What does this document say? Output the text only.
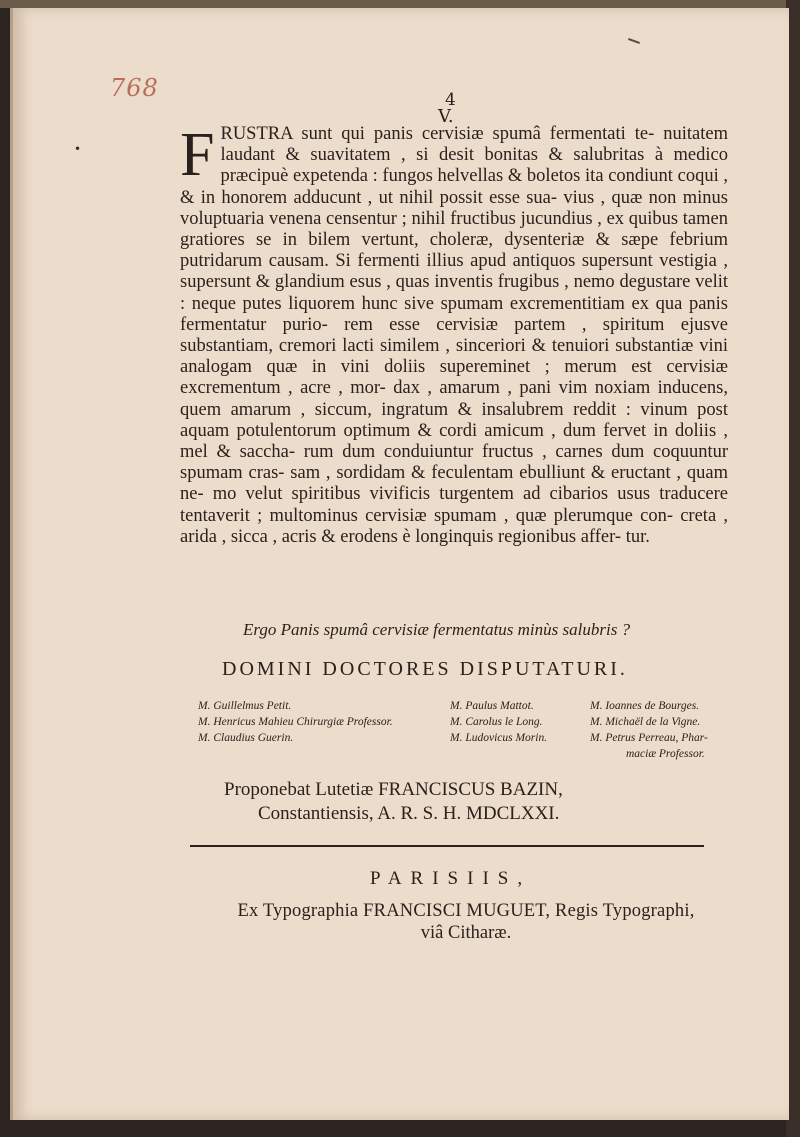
768
•
4
V.
F RUSTRA sunt qui panis cervisiæ spumâ fermentati te- nuitatem laudant & suavitatem , si desit bonitas & salubritas à medico præcipuè expetenda : fungos helvellas & boletos ita condiunt coqui , & in honorem adducunt , ut nihil possit esse sua- vius , quæ non minus voluptuaria venena censentur ; nihil fructibus jucundius , ex quibus tamen gratiores se in bilem vertunt, choleræ, dysenteriæ & sæpe febrium putridarum causam. Si fermenti illius apud antiquos supersunt vestigia , supersunt & glandium esus , quas inventis frugibus , nemo degustare velit : neque putes liquorem hunc sive spumam excrementitiam ex qua panis fermentatur purio- rem esse cervisiæ partem , spiritum ejusve substantiam, cremori lacti similem , sinceriori & tenuiori substantiæ vini analogam quæ in vini doliis supereminet ; merum est cervisiæ excrementum , acre , mor- dax , amarum , pani vim noxiam inducens, quem amarum , siccum, ingratum & insalubrem reddit : vinum post aquam potulentorum optimum & cordi amicum , dum fervet in doliis , mel & saccha- rum dum conduiuntur fructus , carnes dum coquuntur spumam cras- sam , sordidam & feculentam ebulliunt & eructant , quam ne- mo velut spiritibus vivificis turgentem ad cibarios usus traducere tentaverit ; multominus cervisiæ spumam , quæ plerumque con- creta , arida , sicca , acris & erodens è longinquis regionibus affer- tur.
Ergo Panis spumâ cervisiæ fermentatus minùs salubris ?
DOMINI DOCTORES DISPUTATURI.
M. Guillelmus Petit.
M. Henricus Mahieu Chirurgiæ Professor.
M. Claudius Guerin.
M. Paulus Mattot.
M. Carolus le Long.
M. Ludovicus Morin.
M. Ioannes de Bourges.
M. Michaël de la Vigne.
M. Petrus Perreau, Phar-
maciæ Professor.
Proponebat Lutetiæ FRANCISCUS BAZIN,
Constantiensis, A. R. S. H. MDCLXXI.
PARISIIS,
Ex Typographia FRANCISCI MUGUET, Regis Typographi,
viâ Citharæ.
